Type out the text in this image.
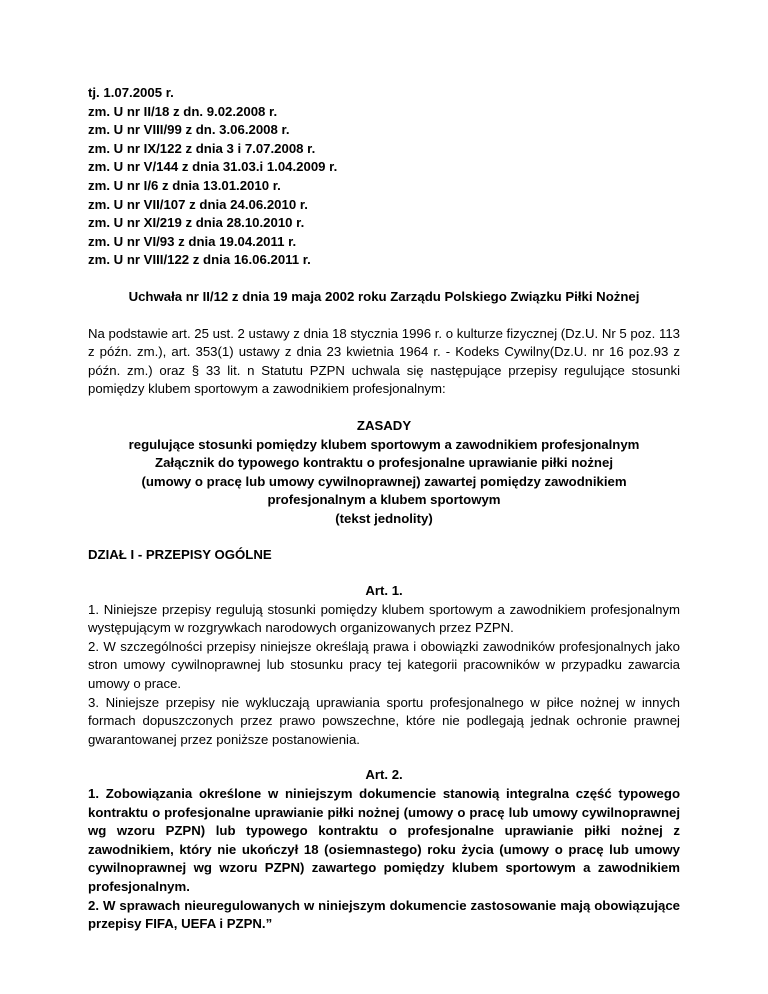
tj. 1.07.2005 r.
zm. U nr II/18 z dn. 9.02.2008 r.
zm. U nr VIII/99 z dn. 3.06.2008 r.
zm. U nr IX/122 z dnia 3 i 7.07.2008 r.
zm. U nr V/144 z dnia 31.03.i 1.04.2009 r.
zm. U nr I/6 z dnia 13.01.2010 r.
zm. U nr VII/107 z dnia 24.06.2010 r.
zm. U nr XI/219 z dnia 28.10.2010 r.
zm. U nr VI/93 z dnia 19.04.2011 r.
zm. U nr VIII/122 z dnia 16.06.2011 r.

Uchwała nr II/12 z dnia 19 maja 2002 roku Zarządu Polskiego Związku Piłki Nożnej

Na podstawie art. 25 ust. 2 ustawy z dnia 18 stycznia 1996 r. o kulturze fizycznej (Dz.U. Nr 5 poz. 113 z późn. zm.), art. 353(1) ustawy z dnia 23 kwietnia 1964 r. - Kodeks Cywilny(Dz.U. nr 16 poz.93 z późn. zm.) oraz § 33 lit. n Statutu PZPN uchwala się następujące przepisy regulujące stosunki pomiędzy klubem sportowym a zawodnikiem profesjonalnym:

ZASADY
regulujące stosunki pomiędzy klubem sportowym a zawodnikiem profesjonalnym
Załącznik do typowego kontraktu o profesjonalne uprawianie piłki nożnej
(umowy o pracę lub umowy cywilnoprawnej) zawartej pomiędzy zawodnikiem
profesjonalnym a klubem sportowym
(tekst jednolity)

DZIAŁ I - PRZEPISY OGÓLNE

Art. 1.

1. Niniejsze przepisy regulują stosunki pomiędzy klubem sportowym a zawodnikiem profesjonalnym występującym w rozgrywkach narodowych organizowanych przez PZPN.

2. W szczególności przepisy niniejsze określają prawa i obowiązki zawodników profesjonalnych jako stron umowy cywilnoprawnej lub stosunku pracy tej kategorii pracowników w przypadku zawarcia umowy o prace.

3. Niniejsze przepisy nie wykluczają uprawiania sportu profesjonalnego w piłce nożnej w innych formach dopuszczonych przez prawo powszechne, które nie podlegają jednak ochronie prawnej gwarantowanej przez poniższe postanowienia.

Art. 2.

1. Zobowiązania określone w niniejszym dokumencie stanowią integralna część typowego kontraktu o profesjonalne uprawianie piłki nożnej (umowy o pracę lub umowy cywilnoprawnej wg wzoru PZPN) lub typowego kontraktu o profesjonalne uprawianie piłki nożnej z zawodnikiem, który nie ukończył 18 (osiemnastego) roku życia (umowy o pracę lub umowy cywilnoprawnej wg wzoru PZPN) zawartego pomiędzy klubem sportowym a zawodnikiem profesjonalnym.

2. W sprawach nieuregulowanych w niniejszym dokumencie zastosowanie mają obowiązujące przepisy FIFA, UEFA i PZPN.”
